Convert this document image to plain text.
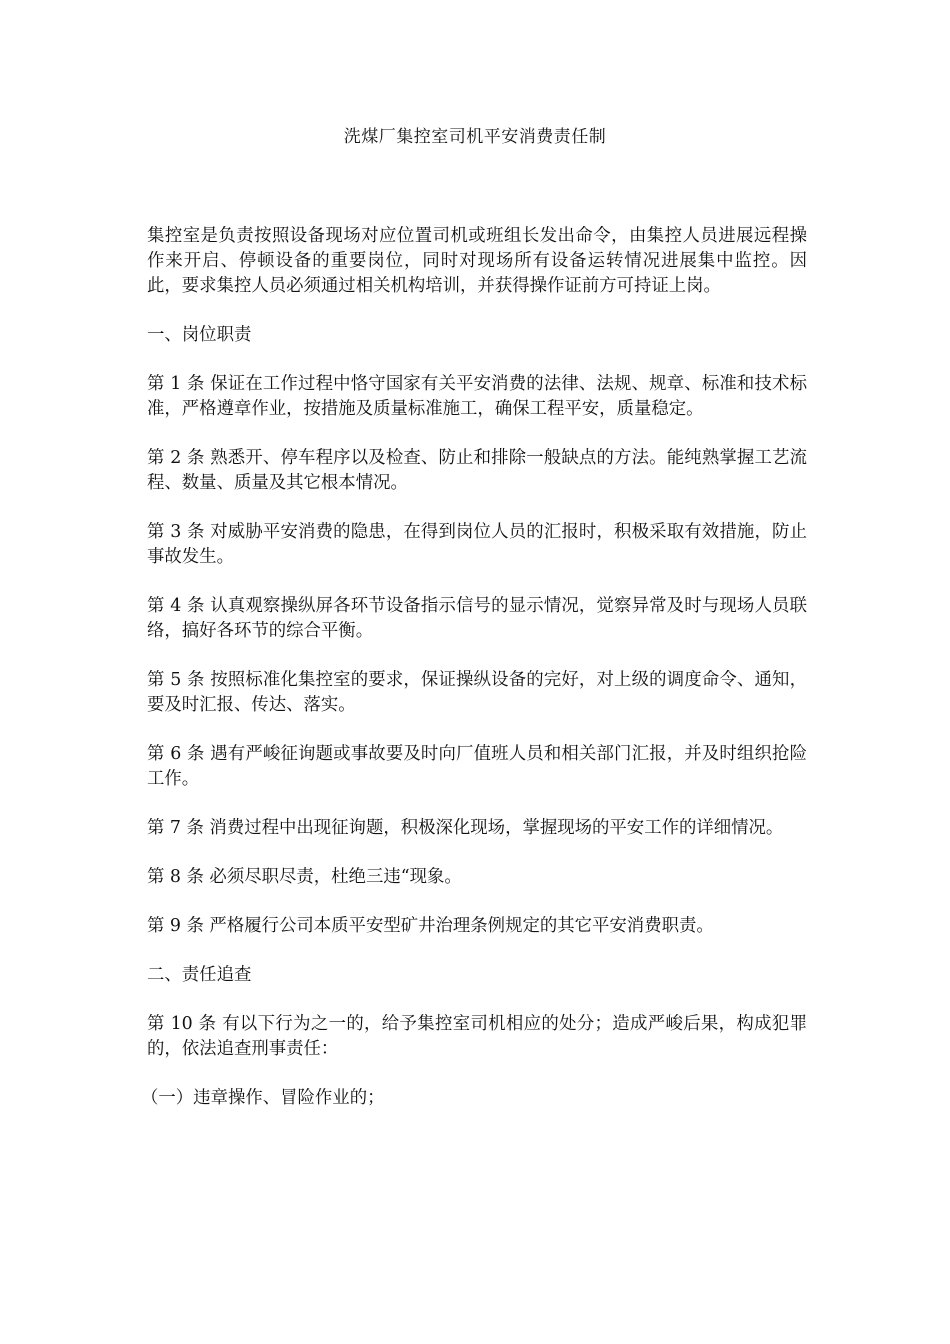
洗煤厂集控室司机平安消费责任制

集控室是负责按照设备现场对应位置司机或班组长发出命令，由集控人员进展远程操作来开启、停顿设备的重要岗位，同时对现场所有设备运转情况进展集中监控。因此，要求集控人员必须通过相关机构培训，并获得操作证前方可持证上岗。

一、岗位职责

第 1 条 保证在工作过程中恪守国家有关平安消费的法律、法规、规章、标准和技术标准，严格遵章作业，按措施及质量标准施工，确保工程平安，质量稳定。

第 2 条 熟悉开、停车程序以及检查、防止和排除一般缺点的方法。能纯熟掌握工艺流程、数量、质量及其它根本情况。

第 3 条 对威胁平安消费的隐患，在得到岗位人员的汇报时，积极采取有效措施，防止事故发生。

第 4 条 认真观察操纵屏各环节设备指示信号的显示情况，觉察异常及时与现场人员联络，搞好各环节的综合平衡。

第 5 条 按照标准化集控室的要求，保证操纵设备的完好，对上级的调度命令、通知，要及时汇报、传达、落实。

第 6 条 遇有严峻征询题或事故要及时向厂值班人员和相关部门汇报，并及时组织抢险工作。

第 7 条 消费过程中出现征询题，积极深化现场，掌握现场的平安工作的详细情况。

第 8 条 必须尽职尽责，杜绝三违“现象。

第 9 条 严格履行公司本质平安型矿井治理条例规定的其它平安消费职责。

二、责任追查

第 10 条 有以下行为之一的，给予集控室司机相应的处分；造成严峻后果，构成犯罪的，依法追查刑事责任：

（一）违章操作、冒险作业的；
